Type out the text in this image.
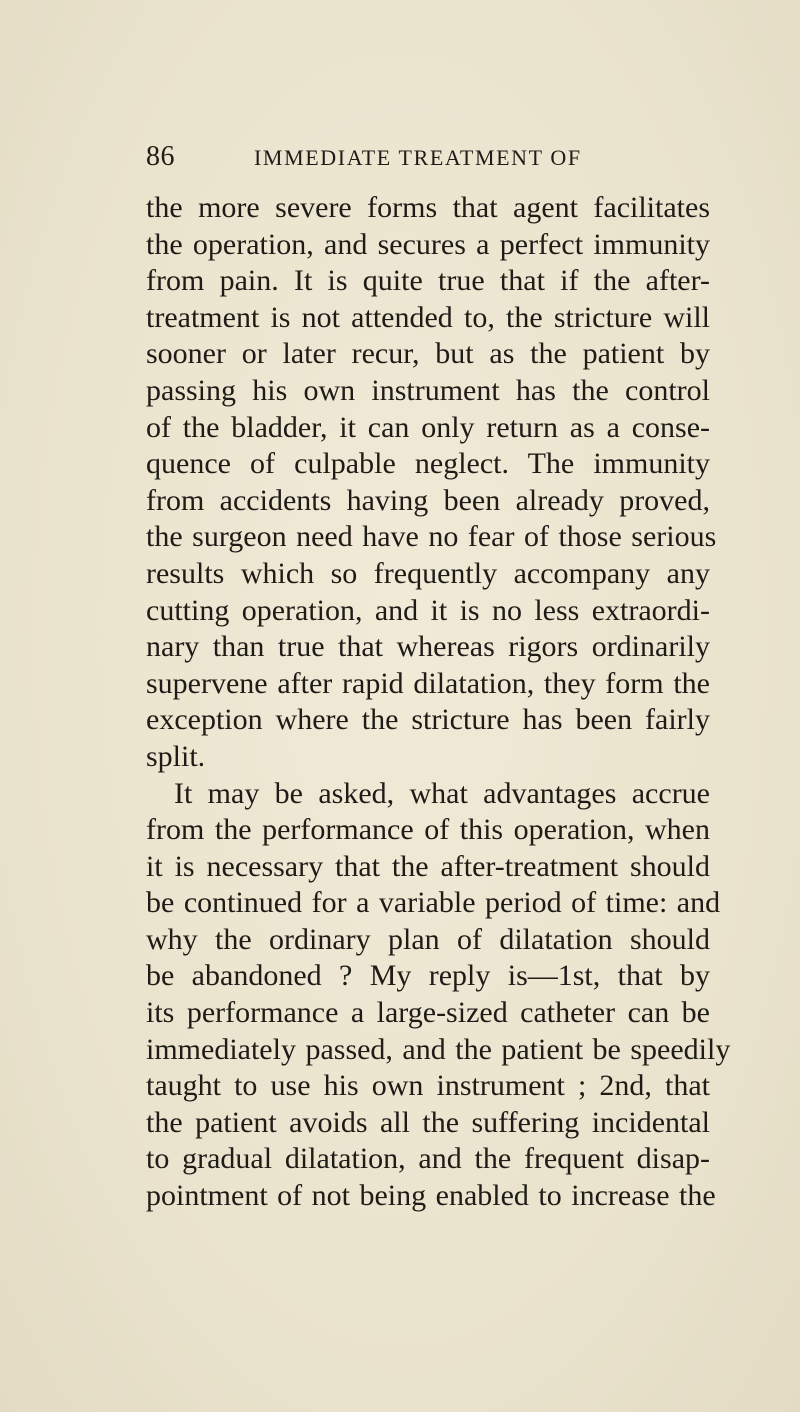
86	IMMEDIATE TREATMENT OF
the more severe forms that agent facilitates
the operation, and secures a perfect immunity
from pain. It is quite true that if the after-
treatment is not attended to, the stricture will
sooner or later recur, but as the patient by
passing his own instrument has the control
of the bladder, it can only return as a conse-
quence of culpable neglect. The immunity
from accidents having been already proved,
the surgeon need have no fear of those serious
results which so frequently accompany any
cutting operation, and it is no less extraordi-
nary than true that whereas rigors ordinarily
supervene after rapid dilatation, they form the
exception where the stricture has been fairly
split.
It may be asked, what advantages accrue
from the performance of this operation, when
it is necessary that the after-treatment should
be continued for a variable period of time: and
why the ordinary plan of dilatation should
be abandoned ? My reply is—1st, that by
its performance a large-sized catheter can be
immediately passed, and the patient be speedily
taught to use his own instrument ; 2nd, that
the patient avoids all the suffering incidental
to gradual dilatation, and the frequent disap-
pointment of not being enabled to increase the
